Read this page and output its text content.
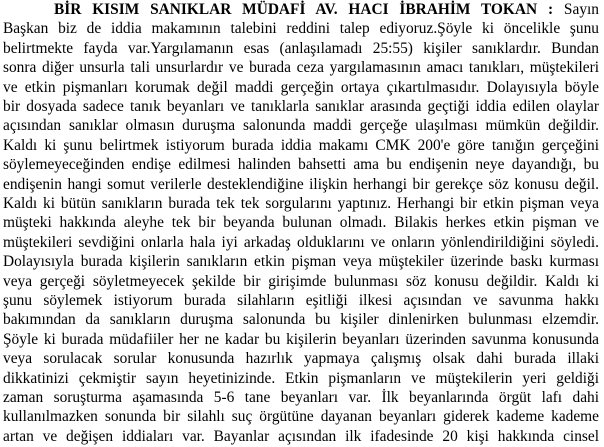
BİR KISIM SANIKLAR MÜDAFİ AV. HACI İBRAHİM TOKAN : Sayın
Başkan biz de iddia makamının talebini reddini talep ediyoruz.Şöyle ki öncelikle şunu
belirtmekte fayda var.Yargılamanın esas (anlaşılamadı 25:55) kişiler sanıklardır. Bundan
sonra diğer unsurla tali unsurlardır ve burada ceza yargılamasının amacı tanıkları, müştekileri
ve etkin pişmanları korumak değil maddi gerçeğin ortaya çıkartılmasıdır. Dolayısıyla böyle
bir dosyada sadece tanık beyanları ve tanıklarla sanıklar arasında geçtiği iddia edilen olaylar
açısından sanıklar olmasın duruşma salonunda maddi gerçeğe ulaşılması mümkün değildir.
Kaldı ki şunu belirtmek istiyorum burada iddia makamı CMK 200'e göre tanığın gerçeğini
söylemeyeceğinden endişe edilmesi halinden bahsetti ama bu endişenin neye dayandığı, bu
endişenin hangi somut verilerle desteklendiğine ilişkin herhangi bir gerekçe söz konusu değil.
Kaldı ki bütün sanıkların burada tek tek sorgularını yaptınız. Herhangi bir etkin pişman veya
müşteki hakkında aleyhe tek bir beyanda bulunan olmadı. Bilakis herkes etkin pişman ve
müştekileri sevdiğini onlarla hala iyi arkadaş olduklarını ve onların yönlendirildiğini söyledi.
Dolayısıyla burada kişilerin sanıkların etkin pişman veya müştekiler üzerinde baskı kurması
veya gerçeği söyletmeyecek şekilde bir girişimde bulunması söz konusu değildir. Kaldı ki
şunu söylemek istiyorum burada silahların eşitliği ilkesi açısından ve savunma hakkı
bakımından da sanıkların duruşma salonunda bu kişiler dinlenirken bulunması elzemdir.
Şöyle ki burada müdafiiler her ne kadar bu kişilerin beyanları üzerinden savunma konusunda
veya sorulacak sorular konusunda hazırlık yapmaya çalışmış olsak dahi burada illaki
dikkatinizi çekmiştir sayın heyetinizinde. Etkin pişmanların ve müştekilerin yeri geldiği
zaman soruşturma aşamasında 5-6 tane beyanları var. İlk beyanlarında örgüt lafı dahi
kullanılmazken sonunda bir silahlı suç örgütüne dayanan beyanları giderek kademe kademe
artan ve değişen iddiaları var. Bayanlar açısından ilk ifadesinde 20 kişi hakkında cinsel
